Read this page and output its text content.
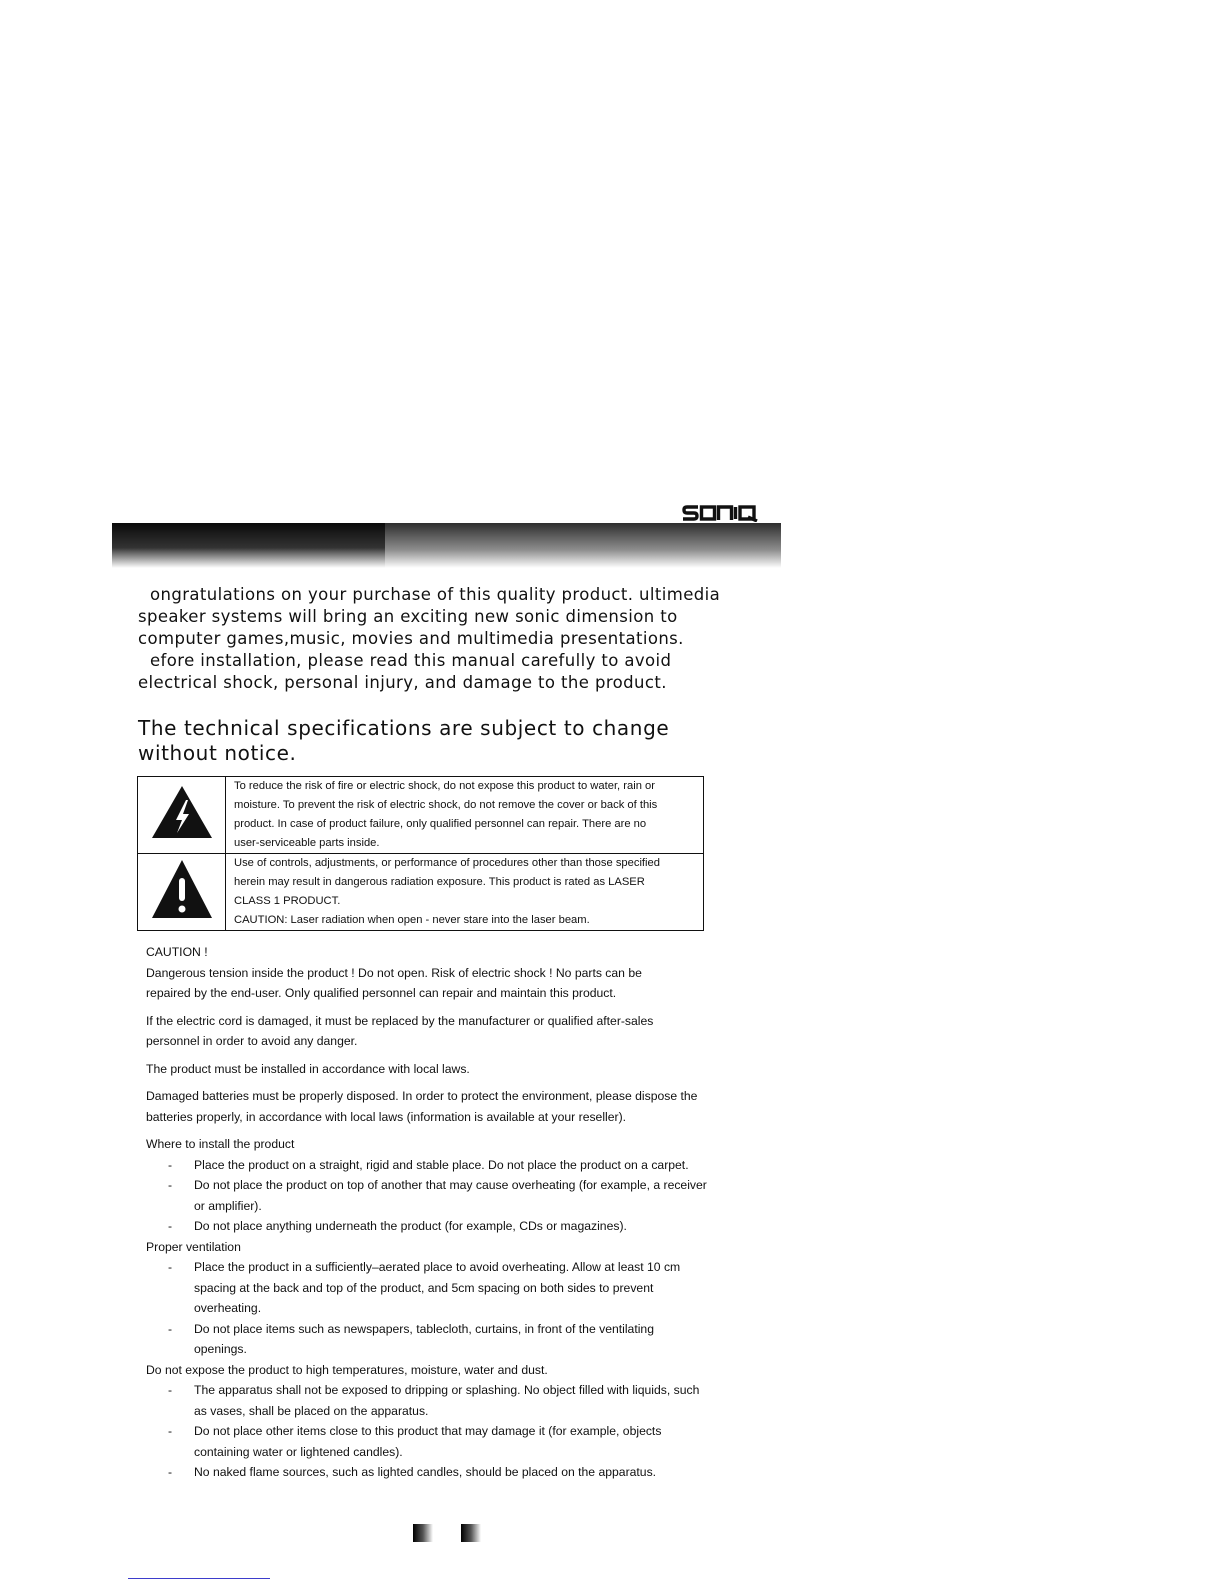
ongratulations on your purchase of this quality product. ultimedia

speaker systems will bring an exciting new sonic dimension to

computer games,music, movies and multimedia presentations.

efore installation, please read this manual carefully to avoid

electrical shock, personal injury, and damage to the product.

The technical specifications are subject to change

without notice.

To reduce the risk of fire or electric shock, do not expose this product to water, rain or

moisture. To prevent the risk of electric shock, do not remove the cover or back of this

product. In case of product failure, only qualified personnel can repair. There are no

user-serviceable parts inside.

Use of controls, adjustments, or performance of procedures other than those specified

herein may result in dangerous radiation exposure. This product is rated as LASER

CLASS 1 PRODUCT.

CAUTION: Laser radiation when open - never stare into the laser beam.

CAUTION !

Dangerous tension inside the product ! Do not open. Risk of electric shock ! No parts can be

repaired by the end-user. Only qualified personnel can repair and maintain this product.

If the electric cord is damaged, it must be replaced by the manufacturer or qualified after-sales

personnel in order to avoid any danger.

The product must be installed in accordance with local laws.

Damaged batteries must be properly disposed. In order to protect the environment, please dispose the

batteries properly, in accordance with local laws (information is available at your reseller).

Where to install the product

-	Place the product on a straight, rigid and stable place. Do not place the product on a carpet.

-	Do not place the product on top of another that may cause overheating (for example, a receiver

or amplifier).

-	Do not place anything underneath the product (for example, CDs or magazines).

Proper ventilation

-	Place the product in a sufficiently–aerated place to avoid overheating. Allow at least 10 cm

spacing at the back and top of the product, and 5cm spacing on both sides to prevent

overheating.

-	Do not place items such as newspapers, tablecloth, curtains, in front of the ventilating

openings.

Do not expose the product to high temperatures, moisture, water and dust.

-	The apparatus shall not be exposed to dripping or splashing. No object filled with liquids, such

as vases, shall be placed on the apparatus.

-	Do not place other items close to this product that may damage it (for example, objects

containing water or lightened candles).

-	No naked flame sources, such as lighted candles, should be placed on the apparatus.
